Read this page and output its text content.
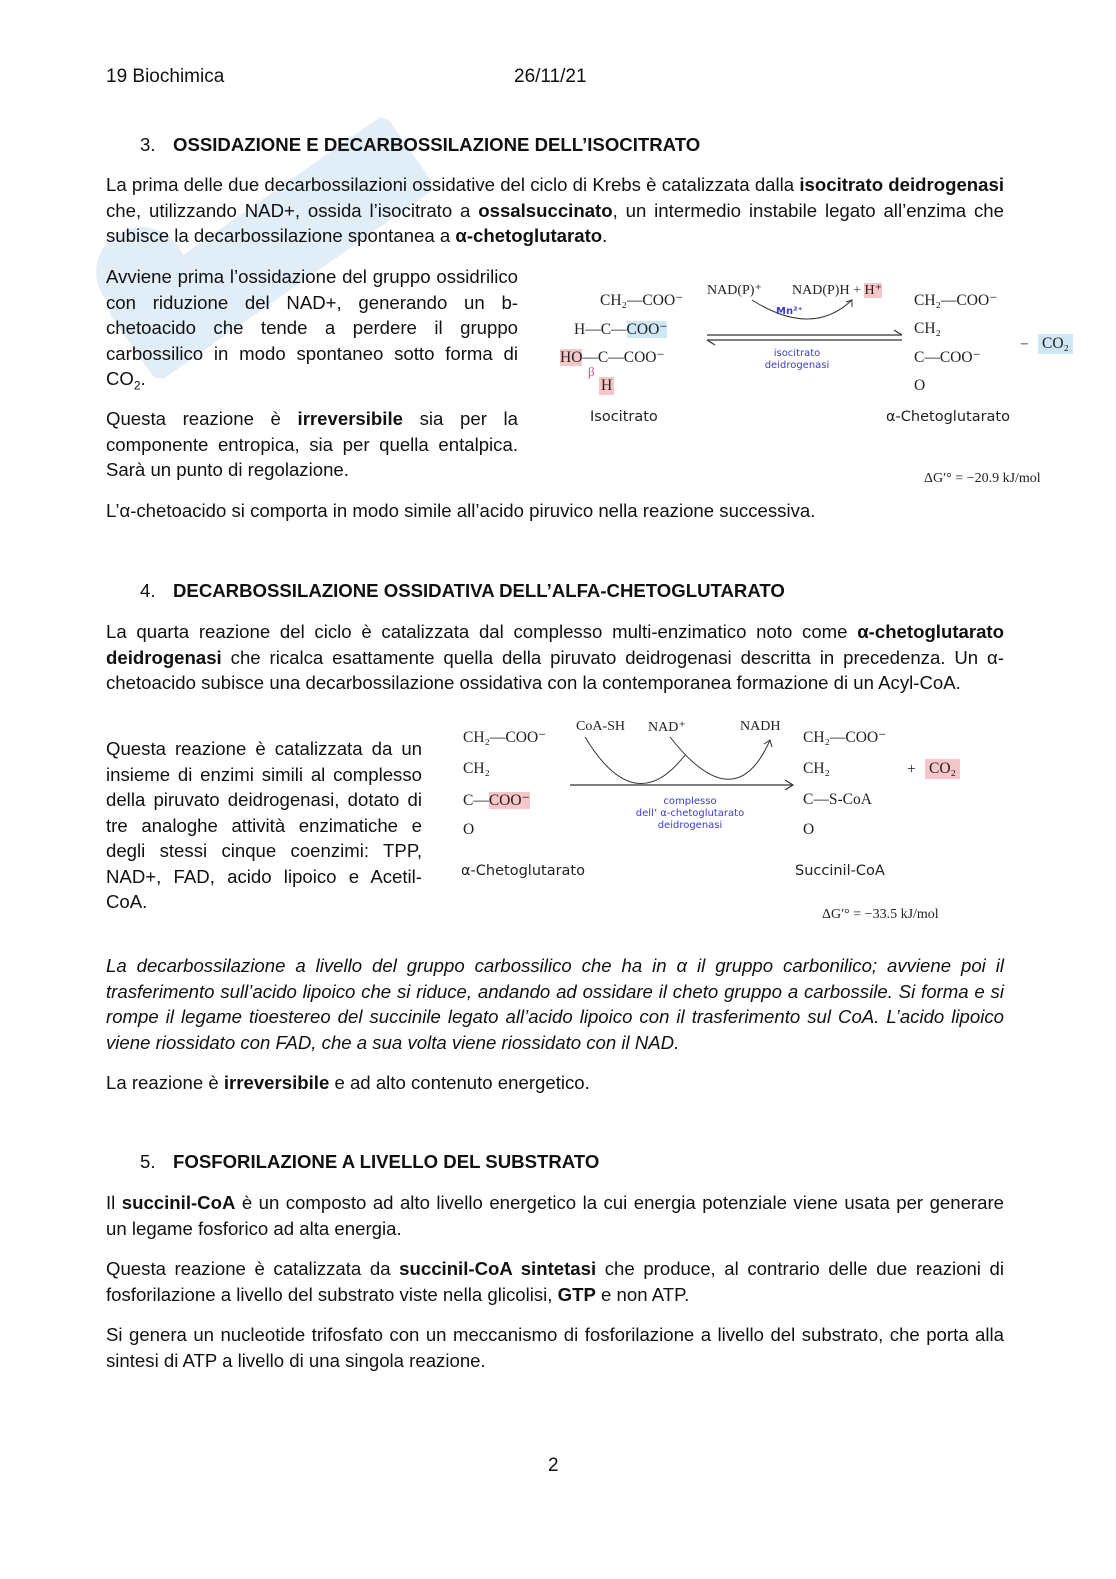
19 Biochimica	26/11/21
3. OSSIDAZIONE E DECARBOSSILAZIONE DELL’ISOCITRATO
La prima delle due decarbossilazioni ossidative del ciclo di Krebs è catalizzata dalla isocitrato deidrogenasi che, utilizzando NAD+, ossida l’isocitrato a ossalsuccinato, un intermedio instabile legato all’enzima che subisce la decarbossilazione spontanea a α-chetoglutarato.
Avviene prima l’ossidazione del gruppo ossidrilico con riduzione del NAD+, generando un b-chetoacido che tende a perdere il gruppo carbossilico in modo spontaneo sotto forma di $CO_2$.
Questa reazione è irreversibile sia per la componente entropica, sia per quella entalpica. Sarà un punto di regolazione.
CH₂—COO⁻
H—C—COO⁻
HO—C—COO⁻
β
H
Isocitrato
NAD(P)⁺ NAD(P)H + H⁺
Mn²⁺
isocitrato
deidrogenasi
CH₂—COO⁻
CH₂
C—COO⁻
O
α-Chetoglutarato
− CO₂
ΔG′° = −20.9 kJ/mol
L’α-chetoacido si comporta in modo simile all’acido piruvico nella reazione successiva.
4. DECARBOSSILAZIONE OSSIDATIVA DELL’ALFA-CHETOGLUTARATO
La quarta reazione del ciclo è catalizzata dal complesso multi-enzimatico noto come α-chetoglutarato deidrogenasi che ricalca esattamente quella della piruvato deidrogenasi descritta in precedenza. Un α-chetoacido subisce una decarbossilazione ossidativa con la contemporanea formazione di un Acyl-CoA.
Questa reazione è catalizzata da un insieme di enzimi simili al complesso della piruvato deidrogenasi, dotato di tre analoghe attività enzimatiche e degli stessi cinque coenzimi: TPP, NAD+, FAD, acido lipoico e Acetil-CoA.
CH₂—COO⁻
CH₂
C—COO⁻
O
α-Chetoglutarato
CoA-SH NAD⁺	NADH
complesso
dell’ α-chetoglutarato
deidrogenasi
CH₂—COO⁻
CH₂
C—S-CoA
O
Succinil-CoA
+ CO₂
ΔG′° = −33.5 kJ/mol
La decarbossilazione a livello del gruppo carbossilico che ha in α il gruppo carbonilico; avviene poi il trasferimento sull’acido lipoico che si riduce, andando ad ossidare il cheto gruppo a carbossile. Si forma e si rompe il legame tioestereo del succinile legato all’acido lipoico con il trasferimento sul CoA. L’acido lipoico viene riossidato con FAD, che a sua volta viene riossidato con il NAD.
La reazione è irreversibile e ad alto contenuto energetico.
5. FOSFORILAZIONE A LIVELLO DEL SUBSTRATO
Il succinil-CoA è un composto ad alto livello energetico la cui energia potenziale viene usata per generare un legame fosforico ad alta energia.
Questa reazione è catalizzata da succinil-CoA sintetasi che produce, al contrario delle due reazioni di fosforilazione a livello del substrato viste nella glicolisi, GTP e non ATP.
Si genera un nucleotide trifosfato con un meccanismo di fosforilazione a livello del substrato, che porta alla sintesi di ATP a livello di una singola reazione.
2
